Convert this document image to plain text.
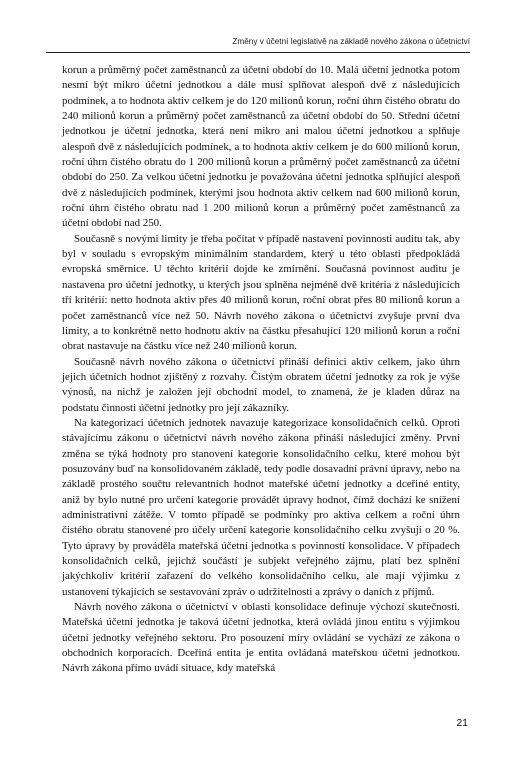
Změny v účetní legislativě na základě nového zákona o účetnictví

korun a průměrný počet zaměstnanců za účetní období do 10. Malá účetní jednotka potom nesmí být mikro účetní jednotkou a dále musí splňovat alespoň dvě z následujících podmínek, a to hodnota aktiv celkem je do 120 milionů korun, roční úhrn čistého obratu do 240 milionů korun a průměrný počet zaměstnanců za účetní období do 50. Střední účetní jednotkou je účetní jednotka, která není mikro ani malou účetní jednotkou a splňuje alespoň dvě z následujících podmínek, a to hodnota aktiv celkem je do 600 milionů korun, roční úhrn čistého obratu do 1 200 milionů korun a průměrný počet zaměstnanců za účetní období do 250. Za velkou účetní jednotku je považována účetní jednotka splňující alespoň dvě z následujících podmínek, kterými jsou hodnota aktiv celkem nad 600 milionů korun, roční úhrn čistého obratu nad 1 200 milionů korun a průměrný počet zaměstnanců za účetní období nad 250.

Současně s novými limity je třeba počítat v případě nastavení povinnosti auditu tak, aby byl v souladu s evropským minimálním standardem, který u této oblasti předpokládá evropská směrnice. U těchto kritérií dojde ke zmírnění. Současná povinnost auditu je nastavena pro účetní jednotky, u kterých jsou splněna nejméně dvě kritéria z následujících tří kritérií: netto hodnota aktiv přes 40 milionů korun, roční obrat přes 80 milionů korun a počet zaměstnanců více než 50. Návrh nového zákona o účetnictví zvyšuje první dva limity, a to konkrétně netto hodnotu aktiv na částku přesahující 120 milionů korun a roční obrat nastavuje na částku více než 240 milionů korun.

Současně návrh nového zákona o účetnictví přináší definici aktiv celkem, jako úhrn jejich účetních hodnot zjištěný z rozvahy. Čistým obratem účetní jednotky za rok je výše výnosů, na nichž je založen její obchodní model, to znamená, že je kladen důraz na podstatu činnosti účetní jednotky pro její zákazníky.

Na kategorizaci účetních jednotek navazuje kategorizace konsolidačních celků. Oproti stávajícímu zákonu o účetnictví návrh nového zákona přináší následující změny. První změna se týká hodnoty pro stanovení kategorie konsolidačního celku, které mohou být posuzovány buď na konsolidovaném základě, tedy podle dosavadní právní úpravy, nebo na základě prostého součtu relevantních hodnot mateřské účetní jednotky a dceřiné entity, aniž by bylo nutné pro určení kategorie provádět úpravy hodnot, čímž dochází ke snížení administrativní zátěže. V tomto případě se podmínky pro aktiva celkem a roční úhrn čistého obratu stanovené pro účely určení kategorie konsolidačního celku zvyšují o 20 %. Tyto úpravy by prováděla mateřská účetní jednotka s povinností konsolidace. V případech konsolidačních celků, jejichž součástí je subjekt veřejného zájmu, platí bez splnění jakýchkoliv kritérií zařazení do velkého konsolidačního celku, ale mají výjimku z ustanovení týkajících se sestavování zpráv o udržitelnosti a zprávy o daních z příjmů.

Návrh nového zákona o účetnictví v oblasti konsolidace definuje výchozí skutečnosti. Mateřská účetní jednotka je taková účetní jednotka, která ovládá jinou entitu s výjimkou účetní jednotky veřejného sektoru. Pro posouzení míry ovládání se vychází ze zákona o obchodních korporacích. Dceřiná entita je entita ovládaná mateřskou účetní jednotkou. Návrh zákona přímo uvádí situace, kdy mateřská

21
